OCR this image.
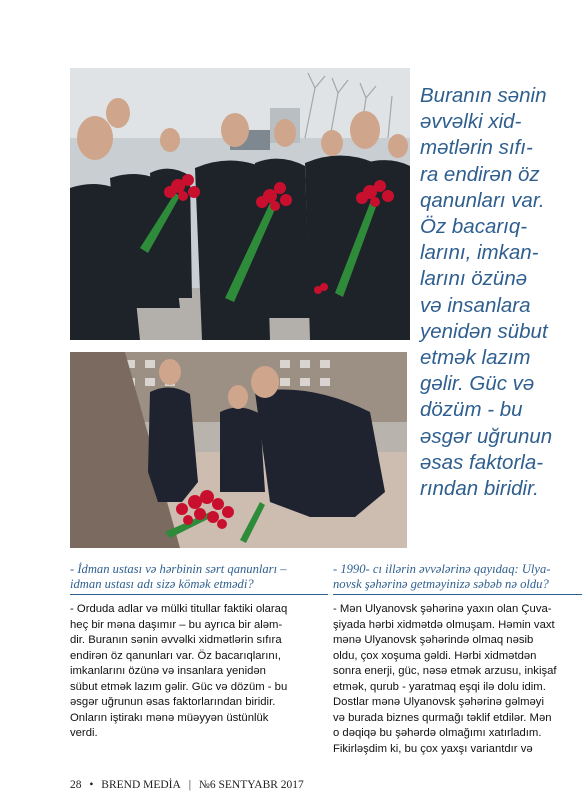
Buranın sənin
əvvəlki xid-
mətlərin sıfı-
ra endirən öz
qanunları var.
Öz bacarıq-
larını, imkan-
larını özünə
və insanlara
yenidən sübut
etmək lazım
gəlir. Güc və
dözüm - bu
əsgər uğrunun
əsas faktorla-
rından biridir.
- İdman ustası və hərbinin sərt qanunları –
idman ustası adı sizə kömək etmədi?
- Orduda adlar və mülki titullar faktiki olaraq
heç bir məna daşımır – bu ayrıca bir aləm-
dir. Buranın sənin əvvəlki xidmətlərin sıfıra
endirən öz qanunları var. Öz bacarıqlarını,
imkanlarını özünə və insanlara yenidən
sübut etmək lazım gəlir. Güc və dözüm - bu
əsgər uğrunun əsas faktorlarından biridir.
Onların iştirakı mənə müəyyən üstünlük
verdi.
- 1990- cı illərin əvvələrinə qayıdaq: Ulya-
novsk şəhərinə getməyinizə səbəb nə oldu?
- Mən Ulyanovsk şəhərinə yaxın olan Çuva-
şiyada hərbi xidmətdə olmuşam. Həmin vaxt
mənə Ulyanovsk şəhərində olmaq nəsib
oldu, çox xoşuma gəldi. Hərbi xidmətdən
sonra enerji, güc, nəsə etmək arzusu, inkişaf
etmək, qurub - yaratmaq eşqi ilə dolu idim.
Dostlar mənə Ulyanovsk şəhərinə gəlməyi
və burada biznes qurmağı təklif etdilər. Mən
o dəqiqə bu şəhərdə olmağımı xatırladım.
Fikirləşdim ki, bu çox yaxşı variantdır və
28 • BREND MEDİA | №6 SENTYABR 2017
